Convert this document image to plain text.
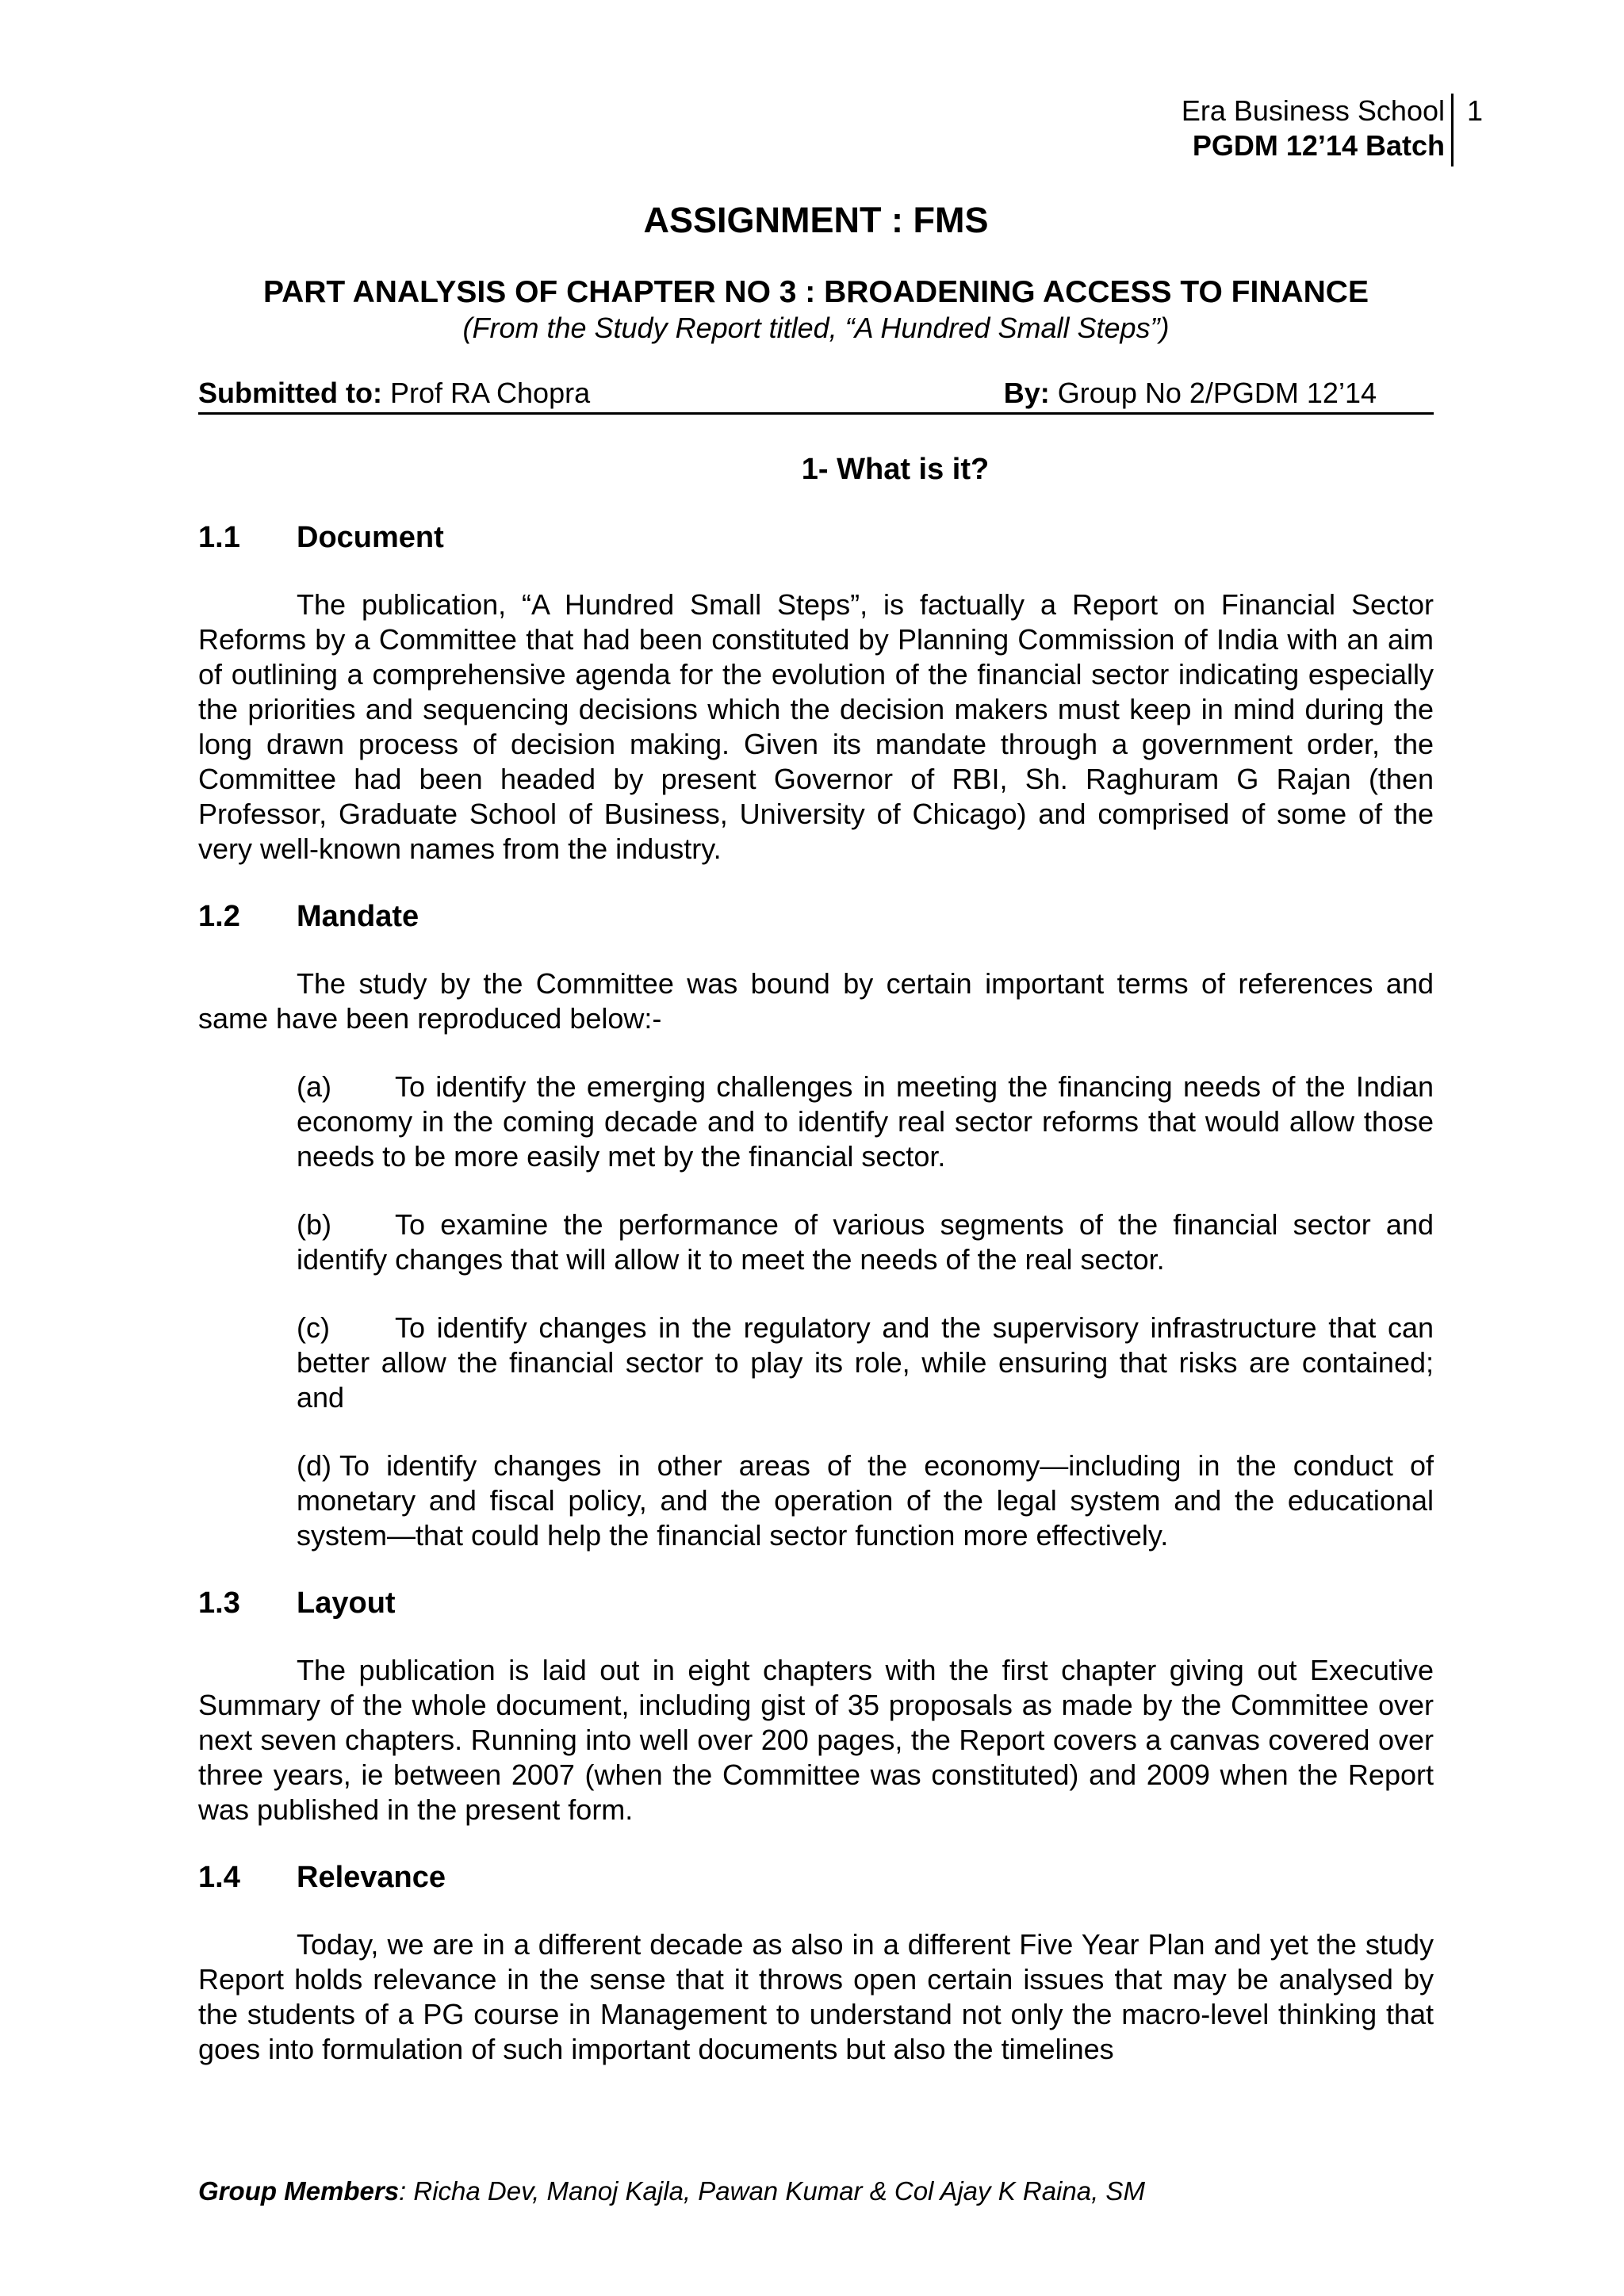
Era Business School
PGDM 12’14 Batch
1
ASSIGNMENT : FMS

PART ANALYSIS OF CHAPTER NO 3 : BROADENING ACCESS TO FINANCE

(From the Study Report titled, “A Hundred Small Steps”)

Submitted to: Prof RA Chopra	By: Group No 2/PGDM 12’14
1- What is it?
1.1	Document

The publication, “A Hundred Small Steps”, is factually a Report on Financial Sector Reforms by a Committee that had been constituted by Planning Commission of India with an aim of outlining a comprehensive agenda for the evolution of the financial sector indicating especially the priorities and sequencing decisions which the decision makers must keep in mind during the long drawn process of decision making. Given its mandate through a government order, the Committee had been headed by present Governor of RBI, Sh. Raghuram G Rajan (then Professor, Graduate School of Business, University of Chicago) and comprised of some of the very well-known names from the industry.

1.2	Mandate

The study by the Committee was bound by certain important terms of references and same have been reproduced below:-

(a) To identify the emerging challenges in meeting the financing needs of the Indian economy in the coming decade and to identify real sector reforms that would allow those needs to be more easily met by the financial sector.

(b) To examine the performance of various segments of the financial sector and identify changes that will allow it to meet the needs of the real sector.

(c) To identify changes in the regulatory and the supervisory infrastructure that can better allow the financial sector to play its role, while ensuring that risks are contained; and

(d) To identify changes in other areas of the economy—including in the conduct of monetary and fiscal policy, and the operation of the legal system and the educational system—that could help the financial sector function more effectively.

1.3	Layout

The publication is laid out in eight chapters with the first chapter giving out Executive Summary of the whole document, including gist of 35 proposals as made by the Committee over next seven chapters. Running into well over 200 pages, the Report covers a canvas covered over three years, ie between 2007 (when the Committee was constituted) and 2009 when the Report was published in the present form.

1.4	Relevance

Today, we are in a different decade as also in a different Five Year Plan and yet the study Report holds relevance in the sense that it throws open certain issues that may be analysed by the students of a PG course in Management to understand not only the macro-level thinking that goes into formulation of such important documents but also the timelines

Group Members: Richa Dev, Manoj Kajla, Pawan Kumar & Col Ajay K Raina, SM
